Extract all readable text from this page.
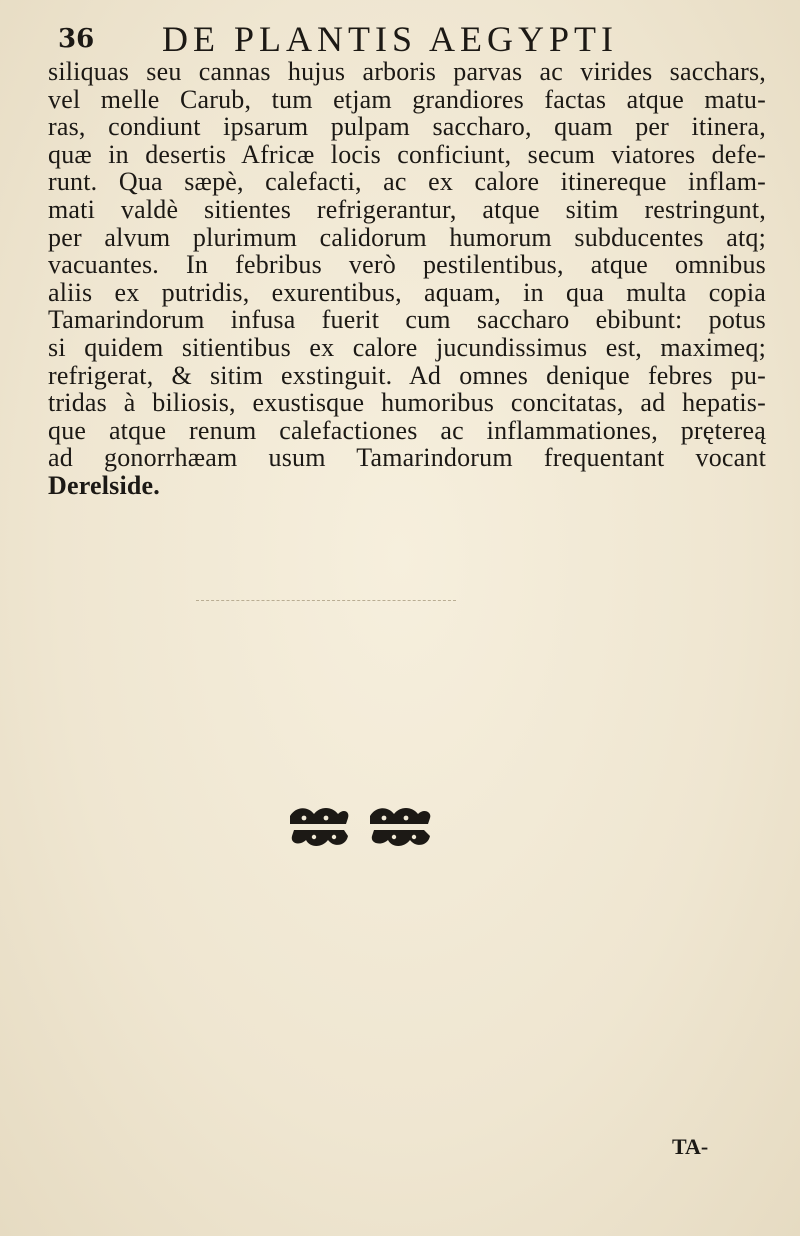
36 DE PLANTIS AEGYPTI
siliquas seu cannas hujus arboris parvas ac virides sacchars,
vel melle Carub, tum etjam grandiores factas atque matu-
ras, condiunt ipsarum pulpam saccharo, quam per itinera,
quæ in desertis Africæ locis conficiunt, secum viatores defe-
runt. Qua sæpè, calefacti, ac ex calore itinereque inflam-
mati valdè sitientes refrigerantur, atque sitim restringunt,
per alvum plurimum calidorum humorum subducentes atq;
vacuantes. In febribus verò pestilentibus, atque omnibus
aliis ex putridis, exurentibus, aquam, in qua multa copia
Tamarindorum infusa fuerit cum saccharo ebibunt: potus
si quidem sitientibus ex calore jucundissimus est, maximeq;
refrigerat, & sitim exstinguit. Ad omnes denique febres pu-
tridas à biliosis, exustisque humoribus concitatas, ad hepatis-
que atque renum calefactiones ac inflammationes, prętereą
ad gonorrhæam usum Tamarindorum frequentant vocant
Derelside.
TA-
